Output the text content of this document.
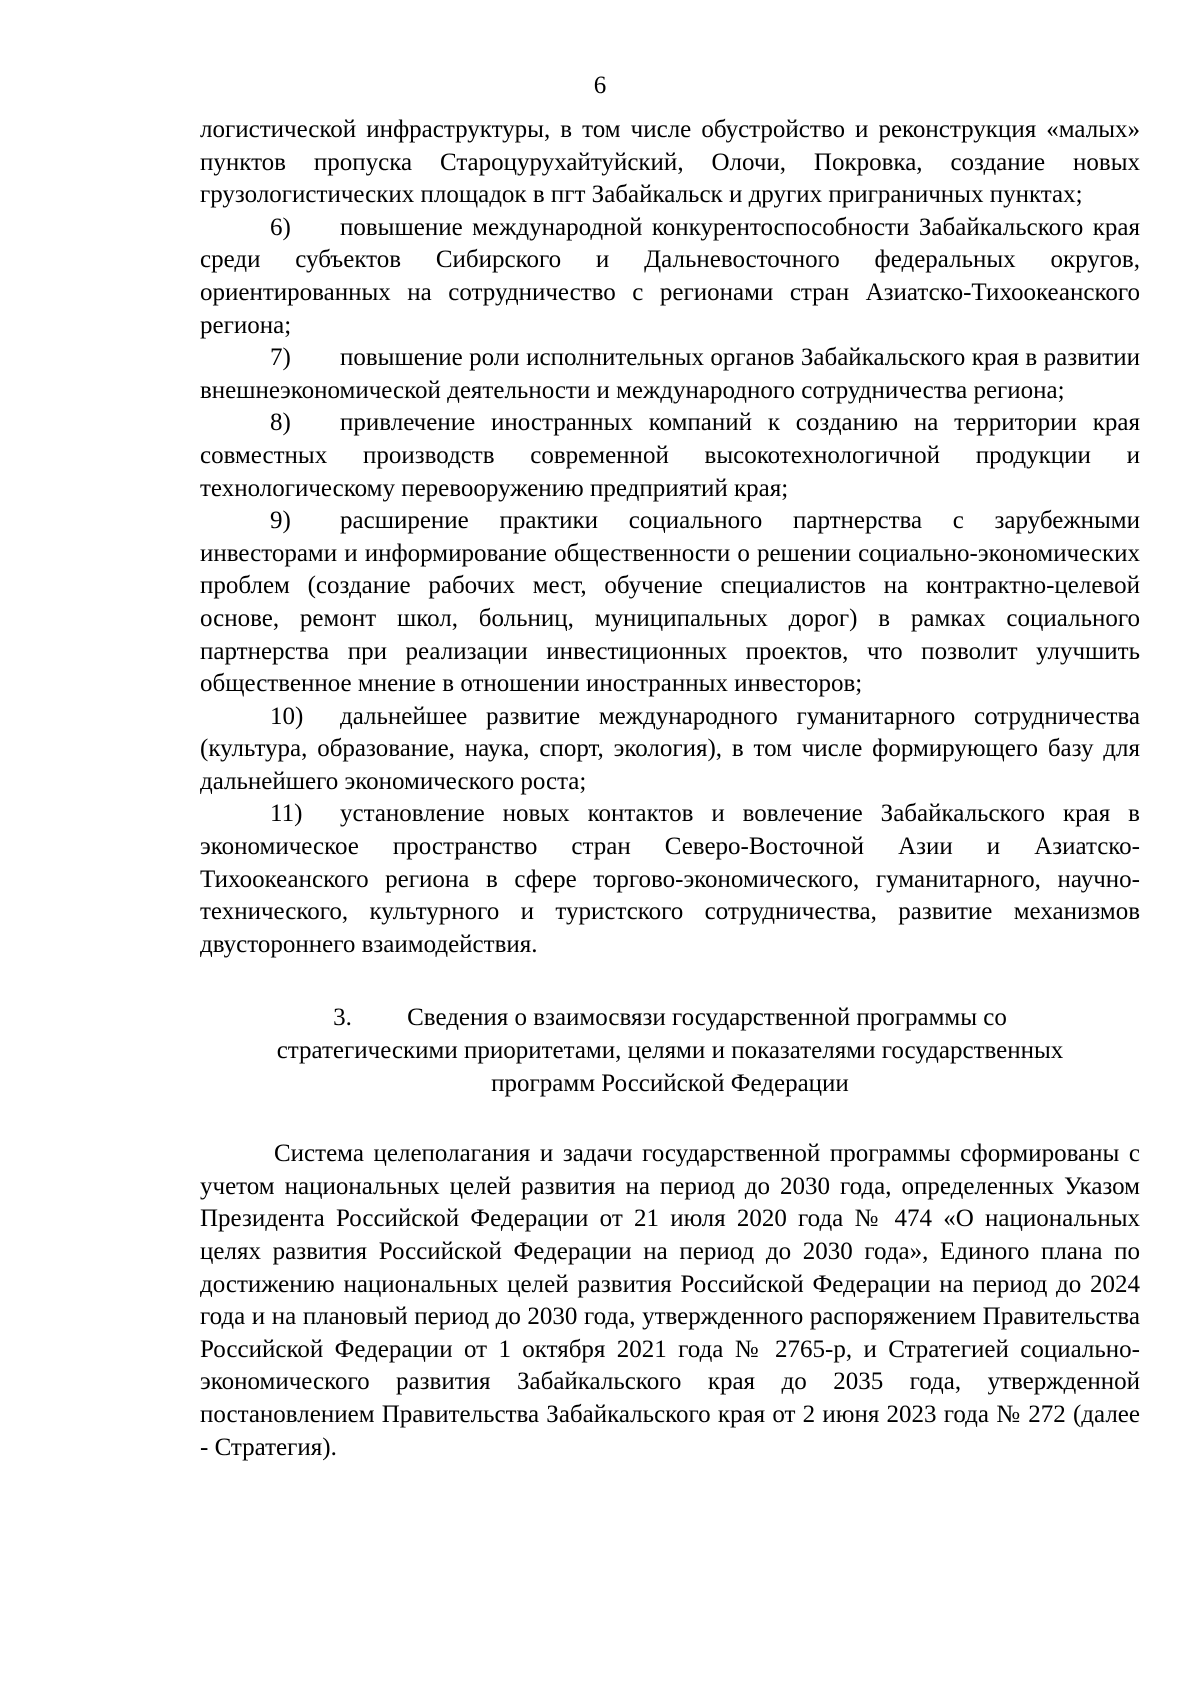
6

логистической инфраструктуры, в том числе обустройство и реконструкция «малых» пунктов пропуска Староцурухайтуйский, Олочи, Покровка, создание новых грузологистических площадок в пгт Забайкальск и других приграничных пунктах;

6) повышение международной конкурентоспособности Забайкальского края среди субъектов Сибирского и Дальневосточного федеральных округов, ориентированных на сотрудничество с регионами стран Азиатско-Тихоокеанского региона;

7) повышение роли исполнительных органов Забайкальского края в развитии внешнеэкономической деятельности и международного сотрудничества региона;

8) привлечение иностранных компаний к созданию на территории края совместных производств современной высокотехнологичной продукции и технологическому перевооружению предприятий края;

9) расширение практики социального партнерства с зарубежными инвесторами и информирование общественности о решении социально-экономических проблем (создание рабочих мест, обучение специалистов на контрактно-целевой основе, ремонт школ, больниц, муниципальных дорог) в рамках социального партнерства при реализации инвестиционных проектов, что позволит улучшить общественное мнение в отношении иностранных инвесторов;

10) дальнейшее развитие международного гуманитарного сотрудничества (культура, образование, наука, спорт, экология), в том числе формирующего базу для дальнейшего экономического роста;

11) установление новых контактов и вовлечение Забайкальского края в экономическое пространство стран Северо-Восточной Азии и Азиатско-Тихоокеанского региона в сфере торгово-экономического, гуманитарного, научно-технического, культурного и туристского сотрудничества, развитие механизмов двустороннего взаимодействия.

3. Сведения о взаимосвязи государственной программы со стратегическими приоритетами, целями и показателями государственных программ Российской Федерации

Система целеполагания и задачи государственной программы сформированы с учетом национальных целей развития на период до 2030 года, определенных Указом Президента Российской Федерации от 21 июля 2020 года № 474 «О национальных целях развития Российской Федерации на период до 2030 года», Единого плана по достижению национальных целей развития Российской Федерации на период до 2024 года и на плановый период до 2030 года, утвержденного распоряжением Правительства Российской Федерации от 1 октября 2021 года № 2765-р, и Стратегией социально-экономического развития Забайкальского края до 2035 года, утвержденной постановлением Правительства Забайкальского края от 2 июня 2023 года № 272 (далее - Стратегия).
